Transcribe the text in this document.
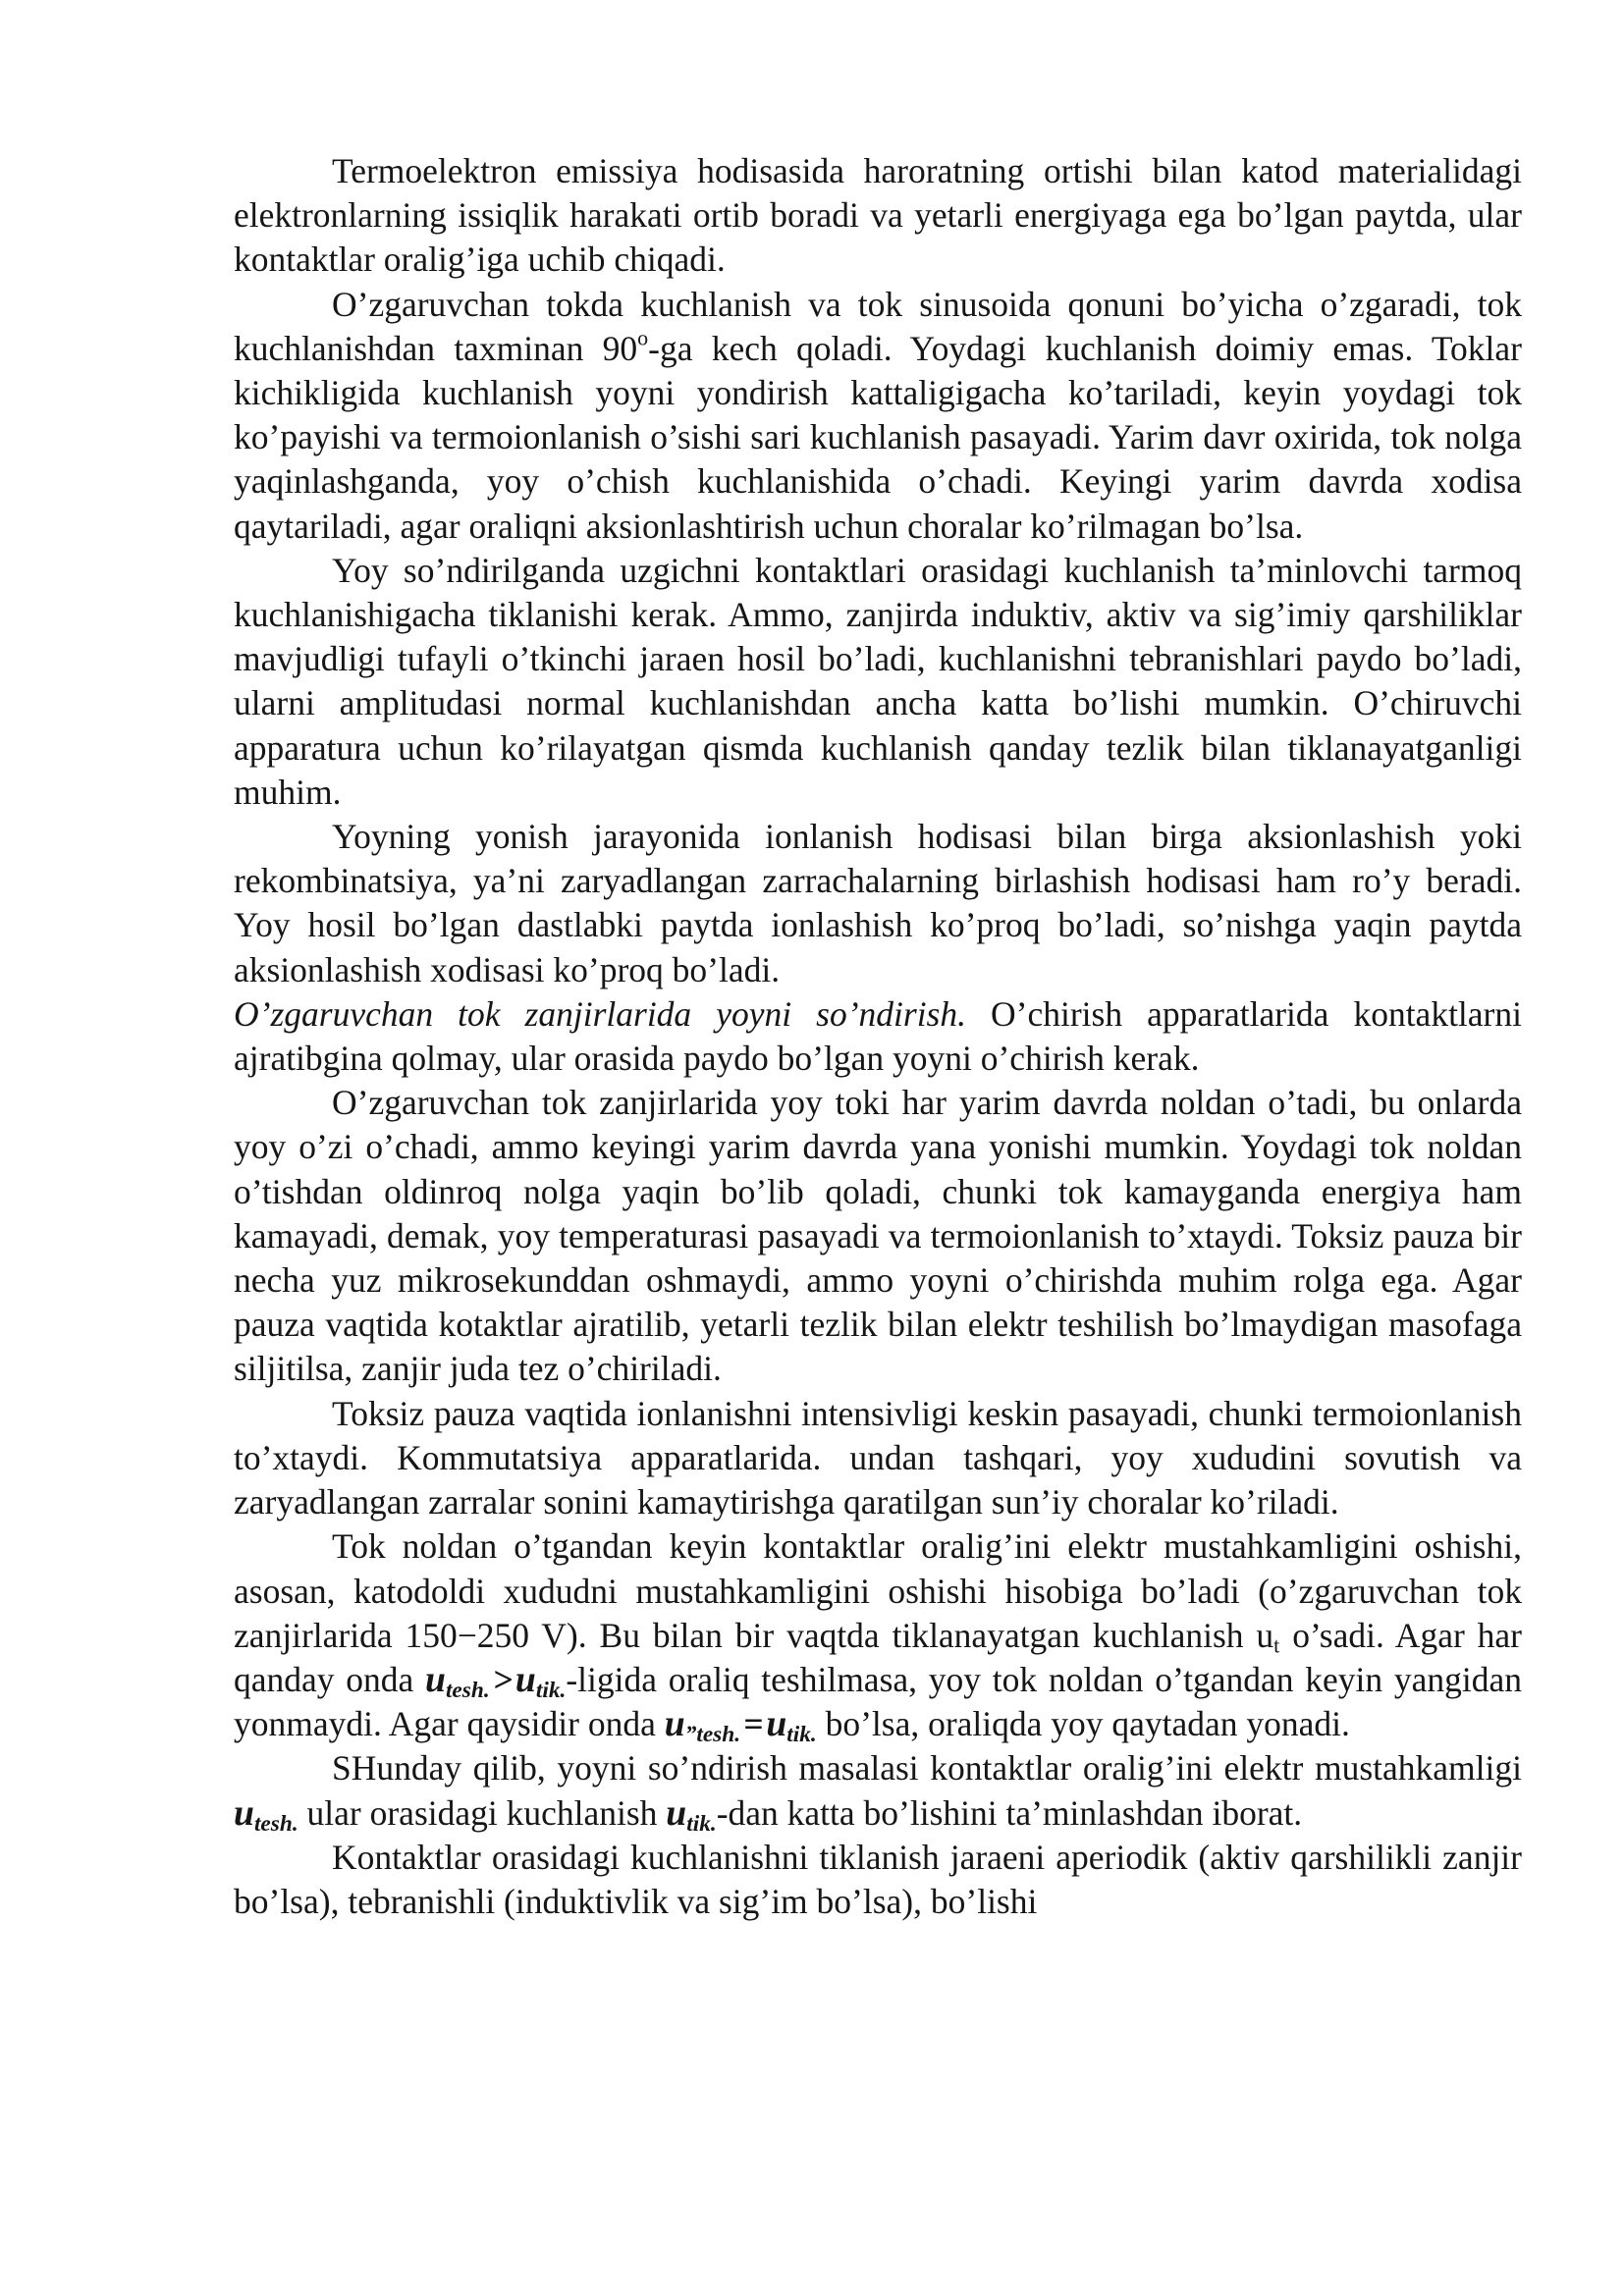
Termoelektron emissiya hodisasida haroratning ortishi bilan katod materialidagi elektronlarning issiqlik harakati ortib boradi va yetarli energiyaga ega bo’lgan paytda, ular kontaktlar oralig’iga uchib chiqadi.

O’zgaruvchan tokda kuchlanish va tok sinusoida qonuni bo’yicha o’zgaradi, tok kuchlanishdan taxminan 90$^o$-ga kech qoladi. Yoydagi kuchlanish doimiy emas. Toklar kichikligida kuchlanish yoyni yondirish kattaligigacha ko’tariladi, keyin yoydagi tok ko’payishi va termoionlanish o’sishi sari kuchlanish pasayadi. Yarim davr oxirida, tok nolga yaqinlashganda, yoy o’chish kuchlanishida o’chadi. Keyingi yarim davrda xodisa qaytariladi, agar oraliqni aksionlashtirish uchun choralar ko’rilmagan bo’lsa.

Yoy so’ndirilganda uzgichni kontaktlari orasidagi kuchlanish ta’minlovchi tarmoq kuchlanishigacha tiklanishi kerak. Ammo, zanjirda induktiv, aktiv va sig’imiy qarshiliklar mavjudligi tufayli o’tkinchi jaraen hosil bo’ladi, kuchlanishni tebranishlari paydo bo’ladi, ularni amplitudasi normal kuchlanishdan ancha katta bo’lishi mumkin. O’chiruvchi apparatura uchun ko’rilayatgan qismda kuchlanish qanday tezlik bilan tiklanayatganligi muhim.

Yoyning yonish jarayonida ionlanish hodisasi bilan birga aksionlashish yoki rekombinatsiya, ya’ni zaryadlangan zarrachalarning birlashish hodisasi ham ro’y beradi. Yoy hosil bo’lgan dastlabki paytda ionlashish ko’proq bo’ladi, so’nishga yaqin paytda aksionlashish xodisasi ko’proq bo’ladi.

O’zgaruvchan tok zanjirlarida yoyni so’ndirish. O’chirish apparatlarida kontaktlarni ajratibgina qolmay, ular orasida paydo bo’lgan yoyni o’chirish kerak.

O’zgaruvchan tok zanjirlarida yoy toki har yarim davrda noldan o’tadi, bu onlarda yoy o’zi o’chadi, ammo keyingi yarim davrda yana yonishi mumkin. Yoydagi tok noldan o’tishdan oldinroq nolga yaqin bo’lib qoladi, chunki tok kamayganda energiya ham kamayadi, demak, yoy temperaturasi pasayadi va termoionlanish to’xtaydi. Toksiz pauza bir necha yuz mikrosekunddan oshmaydi, ammo yoyni o’chirishda muhim rolga ega. Agar pauza vaqtida kotaktlar ajratilib, yetarli tezlik bilan elektr teshilish bo’lmaydigan masofaga siljitilsa, zanjir juda tez o’chiriladi.

Toksiz pauza vaqtida ionlanishni intensivligi keskin pasayadi, chunki termoionlanish to’xtaydi. Kommutatsiya apparatlarida. undan tashqari, yoy xududini sovutish va zaryadlangan zarralar sonini kamaytirishga qaratilgan sun’iy choralar ko’riladi.

Tok noldan o’tgandan keyin kontaktlar oralig’ini elektr mustahkamligini oshishi, asosan, katodoldi xududni mustahkamligini oshishi hisobiga bo’ladi (o’zgaruvchan tok zanjirlarida 150−250 V). Bu bilan bir vaqtda tiklanayatgan kuchlanish $u_t$ o’sadi. Agar har qanday onda $u_{tesh.}>u_{tik.}$-ligida oraliq teshilmasa, yoy tok noldan o’tgandan keyin yangidan yonmaydi. Agar qaysidir onda $u_{”tesh.}=u_{tik.}$ bo’lsa, oraliqda yoy qaytadan yonadi.

SHunday qilib, yoyni so’ndirish masalasi kontaktlar oralig’ini elektr mustahkamligi $u_{tesh.}$ ular orasidagi kuchlanish $u_{tik.}$-dan katta bo’lishini ta’minlashdan iborat.

Kontaktlar orasidagi kuchlanishni tiklanish jaraeni aperiodik (aktiv qarshilikli zanjir bo’lsa), tebranishli (induktivlik va sig’im bo’lsa), bo’lishi
